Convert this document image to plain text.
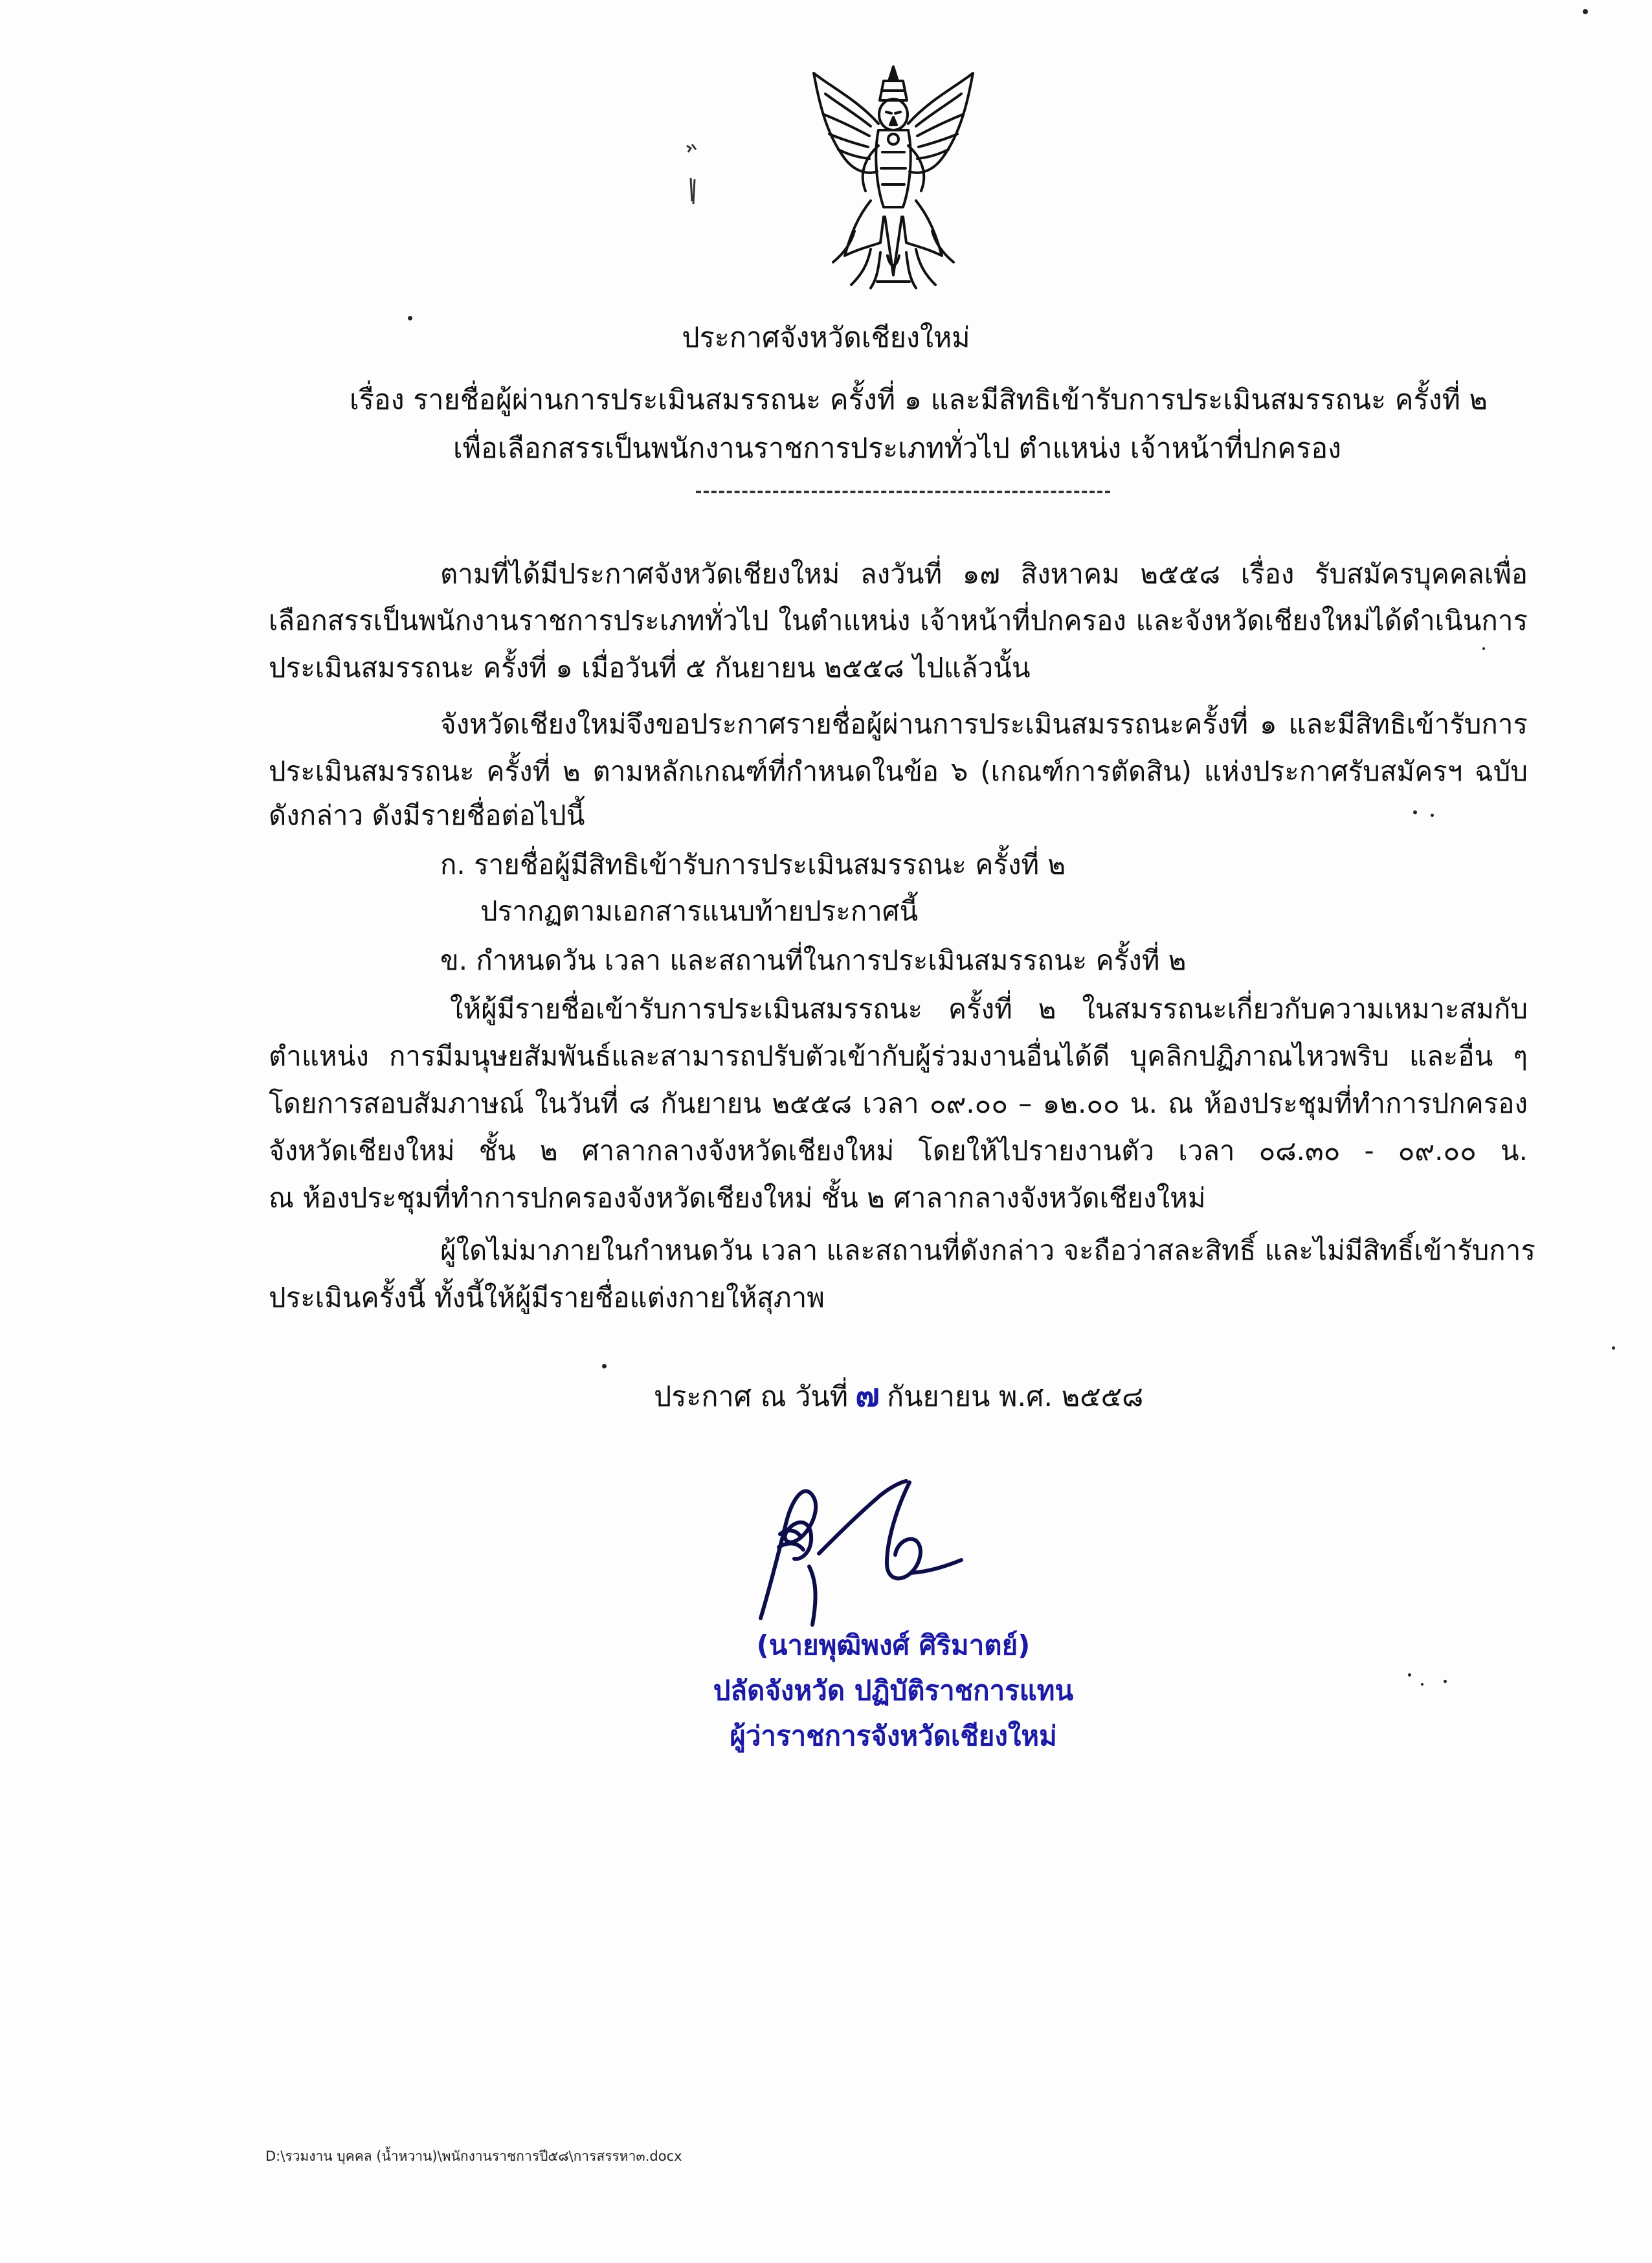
ประกาศจังหวัดเชียงใหม่
เรื่อง รายชื่อผู้ผ่านการประเมินสมรรถนะ ครั้งที่ ๑ และมีสิทธิเข้ารับการประเมินสมรรถนะ ครั้งที่ ๒
เพื่อเลือกสรรเป็นพนักงานราชการประเภททั่วไป ตำแหน่ง เจ้าหน้าที่ปกครอง
ตามที่ได้มีประกาศจังหวัดเชียงใหม่ ลงวันที่ ๑๗ สิงหาคม ๒๕๕๘ เรื่อง รับสมัครบุคคลเพื่อ
เลือกสรรเป็นพนักงานราชการประเภททั่วไป ในตำแหน่ง เจ้าหน้าที่ปกครอง และจังหวัดเชียงใหม่ได้ดำเนินการ
ประเมินสมรรถนะ ครั้งที่ ๑ เมื่อวันที่ ๕ กันยายน ๒๕๕๘ ไปแล้วนั้น
จังหวัดเชียงใหม่จึงขอประกาศรายชื่อผู้ผ่านการประเมินสมรรถนะครั้งที่ ๑ และมีสิทธิเข้ารับการ
ประเมินสมรรถนะ ครั้งที่ ๒ ตามหลักเกณฑ์ที่กำหนดในข้อ ๖ (เกณฑ์การตัดสิน) แห่งประกาศรับสมัครฯ ฉบับ
ดังกล่าว ดังมีรายชื่อต่อไปนี้
ก. รายชื่อผู้มีสิทธิเข้ารับการประเมินสมรรถนะ ครั้งที่ ๒
ปรากฏตามเอกสารแนบท้ายประกาศนี้
ข. กำหนดวัน เวลา และสถานที่ในการประเมินสมรรถนะ ครั้งที่ ๒
ให้ผู้มีรายชื่อเข้ารับการประเมินสมรรถนะ ครั้งที่ ๒ ในสมรรถนะเกี่ยวกับความเหมาะสมกับ
ตำแหน่ง การมีมนุษยสัมพันธ์และสามารถปรับตัวเข้ากับผู้ร่วมงานอื่นได้ดี บุคลิกปฏิภาณไหวพริบ และอื่น ๆ
โดยการสอบสัมภาษณ์ ในวันที่ ๘ กันยายน ๒๕๕๘ เวลา ๐๙.๐๐ – ๑๒.๐๐ น. ณ ห้องประชุมที่ทำการปกครอง
จังหวัดเชียงใหม่ ชั้น ๒ ศาลากลางจังหวัดเชียงใหม่ โดยให้ไปรายงานตัว เวลา ๐๘.๓๐ - ๐๙.๐๐ น.
ณ ห้องประชุมที่ทำการปกครองจังหวัดเชียงใหม่ ชั้น ๒ ศาลากลางจังหวัดเชียงใหม่
ผู้ใดไม่มาภายในกำหนดวัน เวลา และสถานที่ดังกล่าว จะถือว่าสละสิทธิ์ และไม่มีสิทธิ์เข้ารับการ
ประเมินครั้งนี้ ทั้งนี้ให้ผู้มีรายชื่อแต่งกายให้สุภาพ
ประกาศ ณ วันที่ ๗ กันยายน พ.ศ. ๒๕๕๘
(นายพุฒิพงศ์ ศิริมาตย์)
ปลัดจังหวัด ปฏิบัติราชการแทน
ผู้ว่าราชการจังหวัดเชียงใหม่
D:\รวมงาน บุคคล (น้ำหวาน)\พนักงานราชการปี๕๘\การสรรหา๓.docx
